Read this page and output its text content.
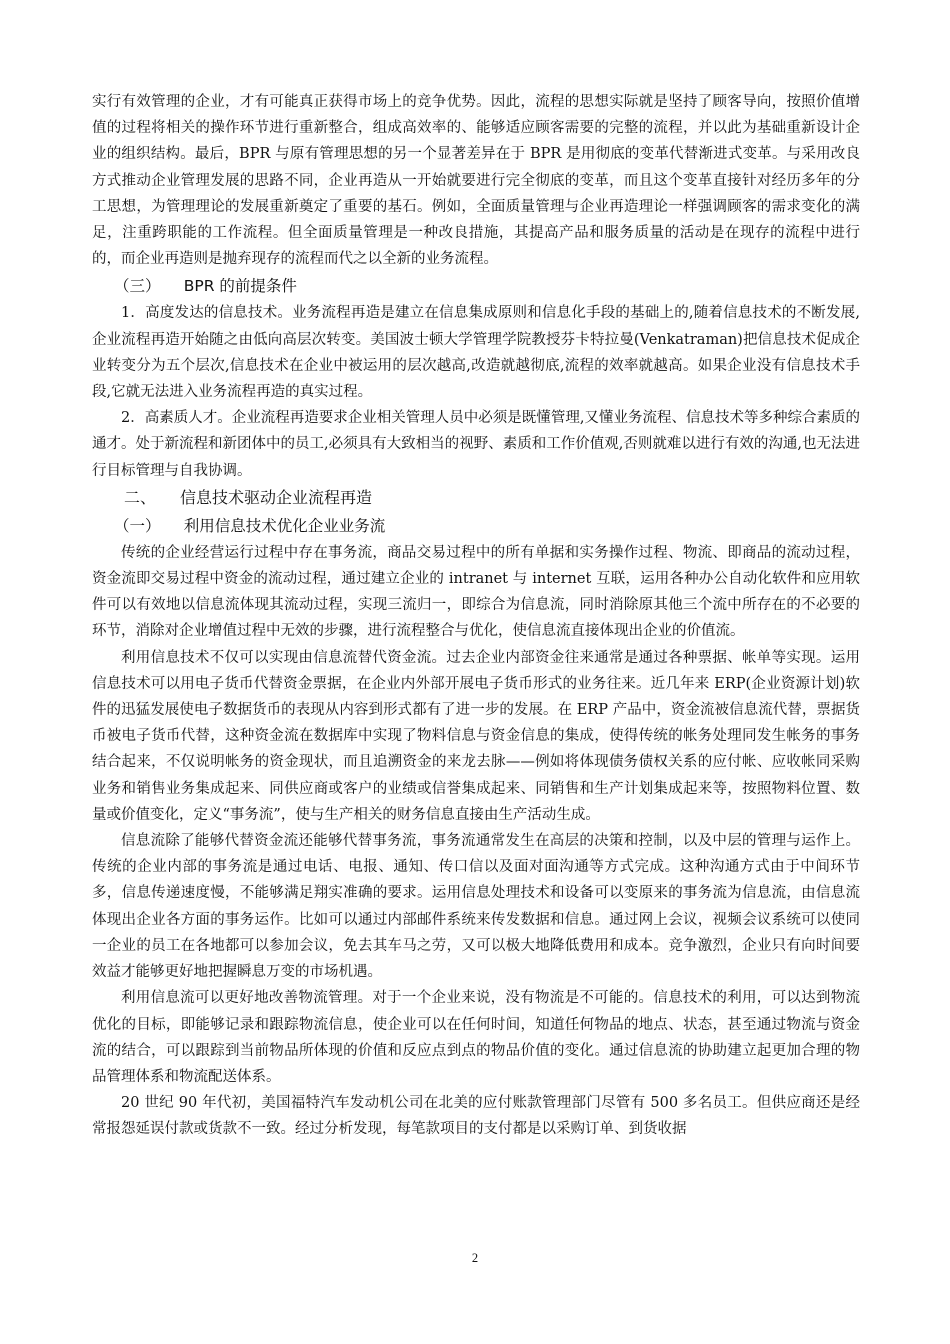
实行有效管理的企业，才有可能真正获得市场上的竞争优势。因此，流程的思想实际就是坚持了顾客导向，按照价值增值的过程将相关的操作环节进行重新整合，组成高效率的、能够适应顾客需要的完整的流程，并以此为基础重新设计企业的组织结构。最后，BPR 与原有管理思想的另一个显著差异在于 BPR 是用彻底的变革代替渐进式变革。与采用改良方式推动企业管理发展的思路不同，企业再造从一开始就要进行完全彻底的变革，而且这个变革直接针对经历多年的分工思想，为管理理论的发展重新奠定了重要的基石。例如，全面质量管理与企业再造理论一样强调顾客的需求变化的满足，注重跨职能的工作流程。但全面质量管理是一种改良措施，其提高产品和服务质量的活动是在现存的流程中进行的，而企业再造则是抛弃现存的流程而代之以全新的业务流程。

（三）　　BPR 的前提条件

1．高度发达的信息技术。业务流程再造是建立在信息集成原则和信息化手段的基础上的,随着信息技术的不断发展,企业流程再造开始随之由低向高层次转变。美国波士顿大学管理学院教授芬卡特拉曼(Venkatraman)把信息技术促成企业转变分为五个层次,信息技术在企业中被运用的层次越高,改造就越彻底,流程的效率就越高。如果企业没有信息技术手段,它就无法进入业务流程再造的真实过程。

2．高素质人才。企业流程再造要求企业相关管理人员中必须是既懂管理,又懂业务流程、信息技术等多种综合素质的通才。处于新流程和新团体中的员工,必须具有大致相当的视野、素质和工作价值观,否则就难以进行有效的沟通,也无法进行目标管理与自我协调。

二、　　信息技术驱动企业流程再造

（一）　　利用信息技术优化企业业务流

传统的企业经营运行过程中存在事务流，商品交易过程中的所有单据和实务操作过程、物流、即商品的流动过程，资金流即交易过程中资金的流动过程，通过建立企业的 intranet 与 internet 互联，运用各种办公自动化软件和应用软件可以有效地以信息流体现其流动过程，实现三流归一，即综合为信息流，同时消除原其他三个流中所存在的不必要的环节，消除对企业增值过程中无效的步骤，进行流程整合与优化，使信息流直接体现出企业的价值流。

利用信息技术不仅可以实现由信息流替代资金流。过去企业内部资金往来通常是通过各种票据、帐单等实现。运用信息技术可以用电子货币代替资金票据，在企业内外部开展电子货币形式的业务往来。近几年来 ERP(企业资源计划)软件的迅猛发展使电子数据货币的表现从内容到形式都有了进一步的发展。在 ERP 产品中，资金流被信息流代替，票据货币被电子货币代替，这种资金流在数据库中实现了物料信息与资金信息的集成，使得传统的帐务处理同发生帐务的事务结合起来，不仅说明帐务的资金现状，而且追溯资金的来龙去脉——例如将体现债务债权关系的应付帐、应收帐同采购业务和销售业务集成起来、同供应商或客户的业绩或信誉集成起来、同销售和生产计划集成起来等，按照物料位置、数量或价值变化，定义“事务流”，使与生产相关的财务信息直接由生产活动生成。

信息流除了能够代替资金流还能够代替事务流，事务流通常发生在高层的决策和控制，以及中层的管理与运作上。传统的企业内部的事务流是通过电话、电报、通知、传口信以及面对面沟通等方式完成。这种沟通方式由于中间环节多，信息传递速度慢，不能够满足翔实准确的要求。运用信息处理技术和设备可以变原来的事务流为信息流，由信息流体现出企业各方面的事务运作。比如可以通过内部邮件系统来传发数据和信息。通过网上会议，视频会议系统可以使同一企业的员工在各地都可以参加会议，免去其车马之劳，又可以极大地降低费用和成本。竞争激烈，企业只有向时间要效益才能够更好地把握瞬息万变的市场机遇。

利用信息流可以更好地改善物流管理。对于一个企业来说，没有物流是不可能的。信息技术的利用，可以达到物流优化的目标，即能够记录和跟踪物流信息，使企业可以在任何时间，知道任何物品的地点、状态，甚至通过物流与资金流的结合，可以跟踪到当前物品所体现的价值和反应点到点的物品价值的变化。通过信息流的协助建立起更加合理的物品管理体系和物流配送体系。

20 世纪 90 年代初，美国福特汽车发动机公司在北美的应付账款管理部门尽管有 500 多名员工。但供应商还是经常报怨延误付款或货款不一致。经过分析发现，每笔款项目的支付都是以采购订单、到货收据

2
